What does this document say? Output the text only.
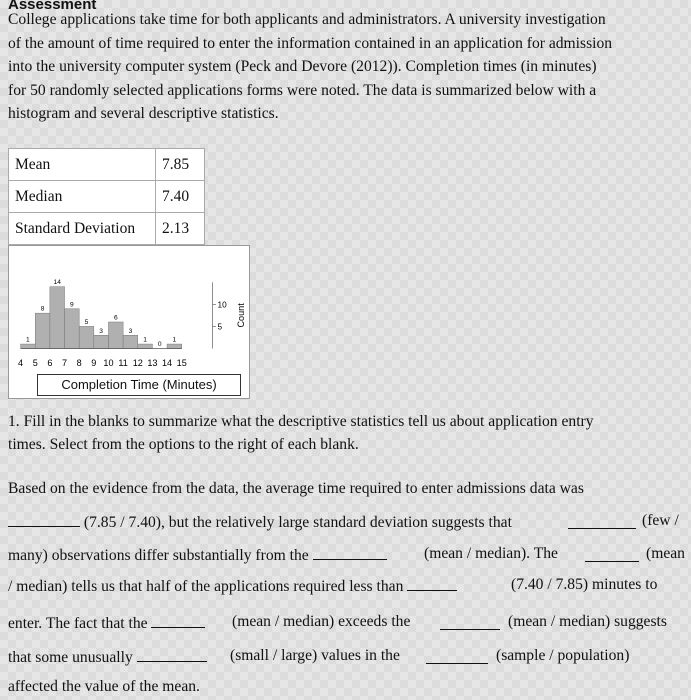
Assessment
College applications take time for both applicants and administrators. A university investigation
of the amount of time required to enter the information contained in an application for admission
into the university computer system (Peck and Devore (2012)). Completion times (in minutes)
for 50 randomly selected applications forms were noted. The data is summarized below with a
histogram and several descriptive statistics.
Mean	7.85
Median	7.40
Standard Deviation	2.13
1
8
14
9
5
3
6
3
1
0
1
4 5 6 7 8 9 10 11 12 13 14 15
5
10 Count
Completion Time (Minutes)
1. Fill in the blanks to summarize what the descriptive statistics tell us about application entry
times. Select from the options to the right of each blank.
Based on the evidence from the data, the average time required to enter admissions data was
(7.85 / 7.40), but the relatively large standard deviation suggests that	(few /
many) observations differ substantially from the	(mean / median). The	(mean
/ median) tells us that half of the applications required less than	(7.40 / 7.85) minutes to
enter. The fact that the	(mean / median) exceeds the	(mean / median) suggests
that some unusually	(small / large) values in the	(sample / population)
affected the value of the mean.
